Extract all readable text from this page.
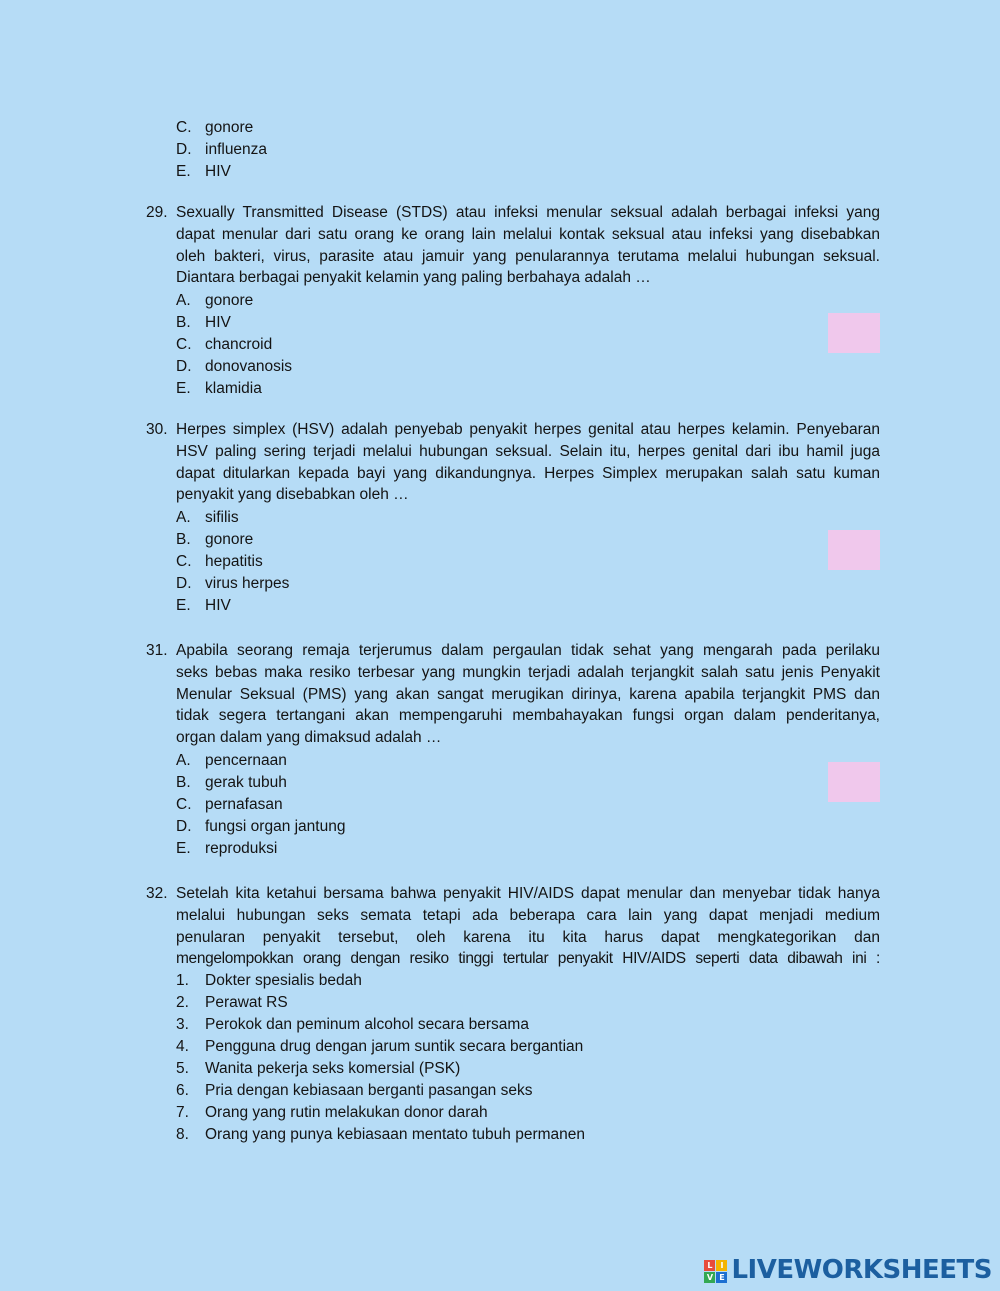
C. gonore
D. influenza
E. HIV
29. Sexually Transmitted Disease (STDS) atau infeksi menular seksual adalah berbagai infeksi yang
dapat menular dari satu orang ke orang lain melalui kontak seksual atau infeksi yang disebabkan
oleh bakteri, virus, parasite atau jamuir yang penularannya terutama melalui hubungan seksual.
Diantara berbagai penyakit kelamin yang paling berbahaya adalah …
A. gonore
B. HIV
C. chancroid
D. donovanosis
E. klamidia
30. Herpes simplex (HSV) adalah penyebab penyakit herpes genital atau herpes kelamin. Penyebaran
HSV paling sering terjadi melalui hubungan seksual. Selain itu, herpes genital dari ibu hamil juga
dapat ditularkan kepada bayi yang dikandungnya. Herpes Simplex merupakan salah satu kuman
penyakit yang disebabkan oleh …
A. sifilis
B. gonore
C. hepatitis
D. virus herpes
E. HIV
31. Apabila seorang remaja terjerumus dalam pergaulan tidak sehat yang mengarah pada perilaku
seks bebas maka resiko terbesar yang mungkin terjadi adalah terjangkit salah satu jenis Penyakit
Menular Seksual (PMS) yang akan sangat merugikan dirinya, karena apabila terjangkit PMS dan
tidak segera tertangani akan mempengaruhi membahayakan fungsi organ dalam penderitanya,
organ dalam yang dimaksud adalah …
A. pencernaan
B. gerak tubuh
C. pernafasan
D. fungsi organ jantung
E. reproduksi
32. Setelah kita ketahui bersama bahwa penyakit HIV/AIDS dapat menular dan menyebar tidak hanya
melalui hubungan seks semata tetapi ada beberapa cara lain yang dapat menjadi medium
penularan penyakit tersebut, oleh karena itu kita harus dapat mengkategorikan dan
mengelompokkan orang dengan resiko tinggi tertular penyakit HIV/AIDS seperti data dibawah ini :
1. Dokter spesialis bedah
2. Perawat RS
3. Perokok dan peminum alcohol secara bersama
4. Pengguna drug dengan jarum suntik secara bergantian
5. Wanita pekerja seks komersial (PSK)
6. Pria dengan kebiasaan berganti pasangan seks
7. Orang yang rutin melakukan donor darah
8. Orang yang punya kebiasaan mentato tubuh permanen
L I
V E LIVEWORKSHEETS
